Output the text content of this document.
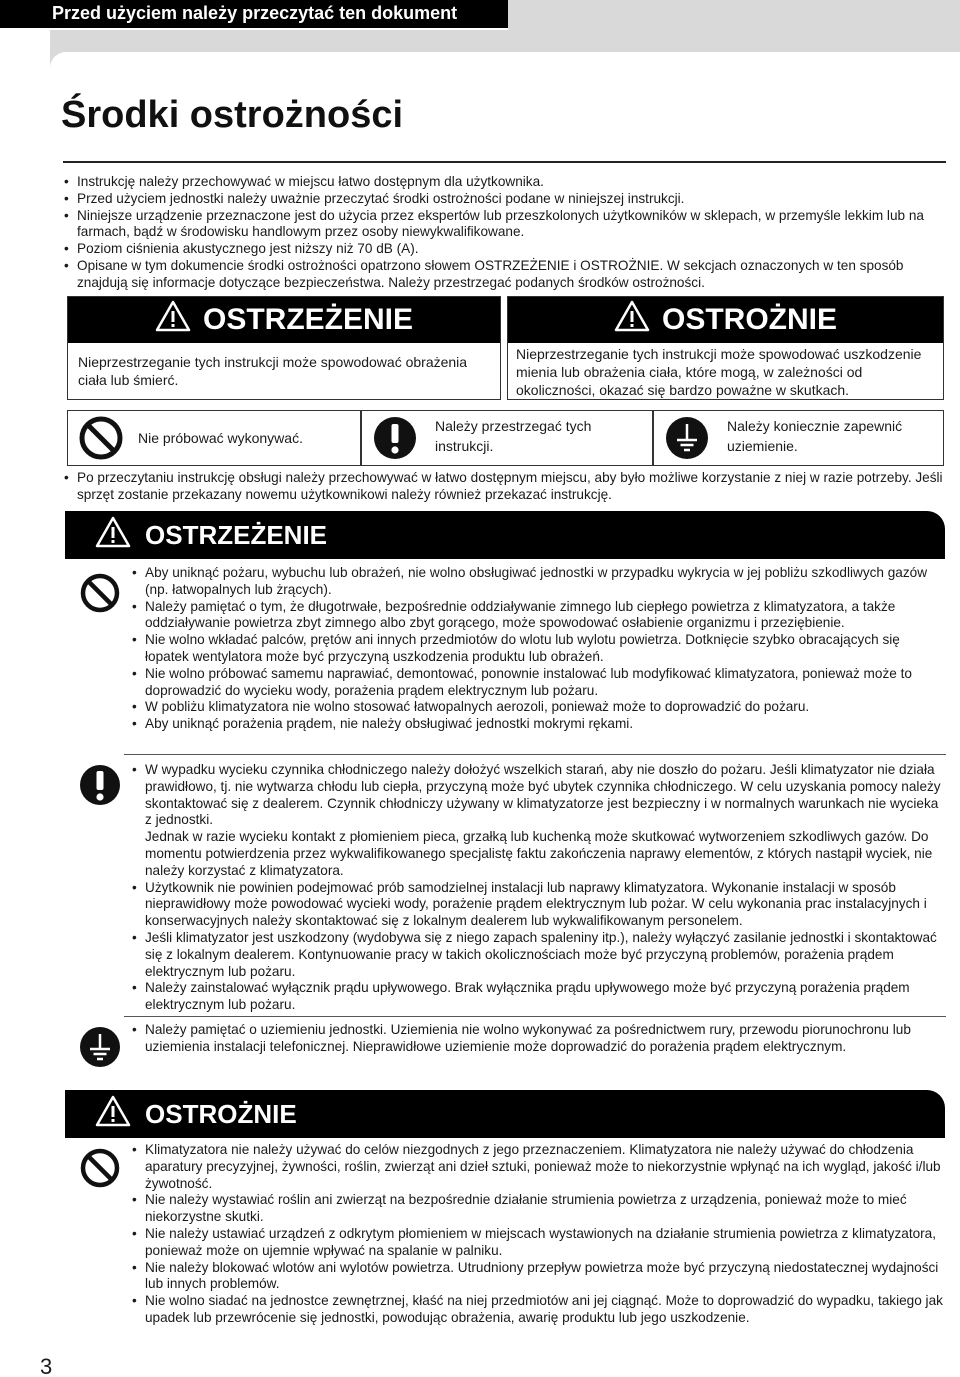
Przed użyciem należy przeczytać ten dokument
Środki ostrożności
• Instrukcję należy przechowywać w miejscu łatwo dostępnym dla użytkownika.
• Przed użyciem jednostki należy uważnie przeczytać środki ostrożności podane w niniejszej instrukcji.
• Niniejsze urządzenie przeznaczone jest do użycia przez ekspertów lub przeszkolonych użytkowników w sklepach, w przemyśle lekkim lub na farmach, bądź w środowisku handlowym przez osoby niewykwalifikowane.
• Poziom ciśnienia akustycznego jest niższy niż 70 dB (A).
• Opisane w tym dokumencie środki ostrożności opatrzono słowem OSTRZEŻENIE i OSTROŻNIE. W sekcjach oznaczonych w ten sposób znajdują się informacje dotyczące bezpieczeństwa. Należy przestrzegać podanych środków ostrożności.
OSTRZEŻENIE
Nieprzestrzeganie tych instrukcji może spowodować obrażenia ciała lub śmierć.
OSTROŻNIE
Nieprzestrzeganie tych instrukcji może spowodować uszkodzenie mienia lub obrażenia ciała, które mogą, w zależności od okoliczności, okazać się bardzo poważne w skutkach.
Nie próbować wykonywać.
Należy przestrzegać tych instrukcji.
Należy koniecznie zapewnić uziemienie.
• Po przeczytaniu instrukcję obsługi należy przechowywać w łatwo dostępnym miejscu, aby było możliwe korzystanie z niej w razie potrzeby. Jeśli sprzęt zostanie przekazany nowemu użytkownikowi należy również przekazać instrukcję.
OSTRZEŻENIE
• Aby uniknąć pożaru, wybuchu lub obrażeń, nie wolno obsługiwać jednostki w przypadku wykrycia w jej pobliżu szkodliwych gazów (np. łatwopalnych lub żrących).
• Należy pamiętać o tym, że długotrwałe, bezpośrednie oddziaływanie zimnego lub ciepłego powietrza z klimatyzatora, a także oddziaływanie powietrza zbyt zimnego albo zbyt gorącego, może spowodować osłabienie organizmu i przeziębienie.
• Nie wolno wkładać palców, prętów ani innych przedmiotów do wlotu lub wylotu powietrza. Dotknięcie szybko obracających się łopatek wentylatora może być przyczyną uszkodzenia produktu lub obrażeń.
• Nie wolno próbować samemu naprawiać, demontować, ponownie instalować lub modyfikować klimatyzatora, ponieważ może to doprowadzić do wycieku wody, porażenia prądem elektrycznym lub pożaru.
• W pobliżu klimatyzatora nie wolno stosować łatwopalnych aerozoli, ponieważ może to doprowadzić do pożaru.
• Aby uniknąć porażenia prądem, nie należy obsługiwać jednostki mokrymi rękami.
• W wypadku wycieku czynnika chłodniczego należy dołożyć wszelkich starań, aby nie doszło do pożaru. Jeśli klimatyzator nie działa prawidłowo, tj. nie wytwarza chłodu lub ciepła, przyczyną może być ubytek czynnika chłodniczego. W celu uzyskania pomocy należy skontaktować się z dealerem. Czynnik chłodniczy używany w klimatyzatorze jest bezpieczny i w normalnych warunkach nie wycieka z jednostki.
Jednak w razie wycieku kontakt z płomieniem pieca, grzałką lub kuchenką może skutkować wytworzeniem szkodliwych gazów. Do momentu potwierdzenia przez wykwalifikowanego specjalistę faktu zakończenia naprawy elementów, z których nastąpił wyciek, nie należy korzystać z klimatyzatora.
• Użytkownik nie powinien podejmować prób samodzielnej instalacji lub naprawy klimatyzatora. Wykonanie instalacji w sposób nieprawidłowy może powodować wycieki wody, porażenie prądem elektrycznym lub pożar. W celu wykonania prac instalacyjnych i konserwacyjnych należy skontaktować się z lokalnym dealerem lub wykwalifikowanym personelem.
• Jeśli klimatyzator jest uszkodzony (wydobywa się z niego zapach spaleniny itp.), należy wyłączyć zasilanie jednostki i skontaktować się z lokalnym dealerem. Kontynuowanie pracy w takich okolicznościach może być przyczyną problemów, porażenia prądem elektrycznym lub pożaru.
• Należy zainstalować wyłącznik prądu upływowego. Brak wyłącznika prądu upływowego może być przyczyną porażenia prądem elektrycznym lub pożaru.
• Należy pamiętać o uziemieniu jednostki. Uziemienia nie wolno wykonywać za pośrednictwem rury, przewodu piorunochronu lub uziemienia instalacji telefonicznej. Nieprawidłowe uziemienie może doprowadzić do porażenia prądem elektrycznym.
OSTROŻNIE
• Klimatyzatora nie należy używać do celów niezgodnych z jego przeznaczeniem. Klimatyzatora nie należy używać do chłodzenia aparatury precyzyjnej, żywności, roślin, zwierząt ani dzieł sztuki, ponieważ może to niekorzystnie wpłynąć na ich wygląd, jakość i/lub żywotność.
• Nie należy wystawiać roślin ani zwierząt na bezpośrednie działanie strumienia powietrza z urządzenia, ponieważ może to mieć niekorzystne skutki.
• Nie należy ustawiać urządzeń z odkrytym płomieniem w miejscach wystawionych na działanie strumienia powietrza z klimatyzatora, ponieważ może on ujemnie wpływać na spalanie w palniku.
• Nie należy blokować wlotów ani wylotów powietrza. Utrudniony przepływ powietrza może być przyczyną niedostatecznej wydajności lub innych problemów.
• Nie wolno siadać na jednostce zewnętrznej, kłaść na niej przedmiotów ani jej ciągnąć. Może to doprowadzić do wypadku, takiego jak upadek lub przewrócenie się jednostki, powodując obrażenia, awarię produktu lub jego uszkodzenie.
3
